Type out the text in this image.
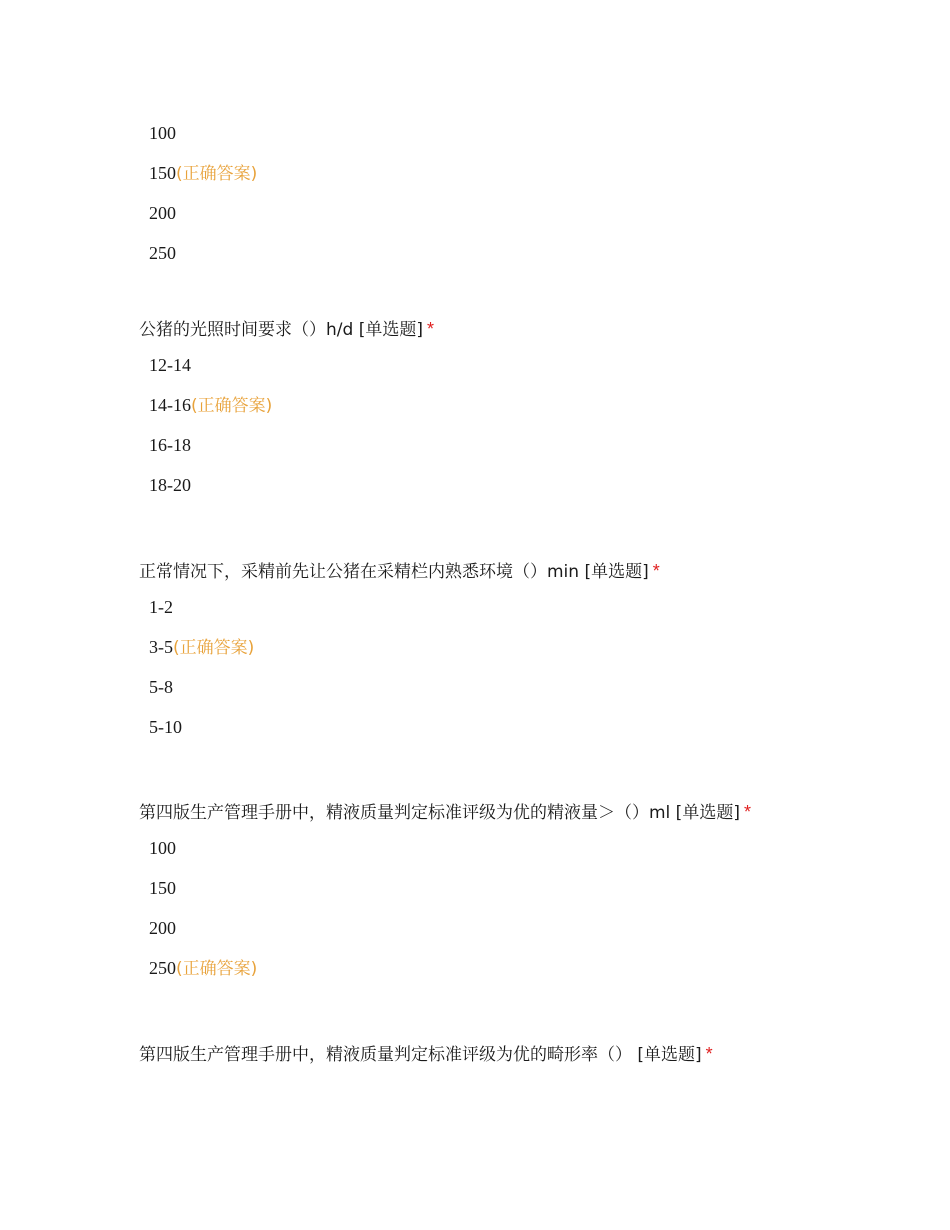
100
150(正确答案)
200
250
公猪的光照时间要求（）h/d [单选题] *
12-14
14-16(正确答案)
16-18
18-20
正常情况下，采精前先让公猪在采精栏内熟悉环境（）min [单选题] *
1-2
3-5(正确答案)
5-8
5-10
第四版生产管理手册中，精液质量判定标准评级为优的精液量＞（）ml [单选题] *
100
150
200
250(正确答案)
第四版生产管理手册中，精液质量判定标准评级为优的畸形率（） [单选题] *
